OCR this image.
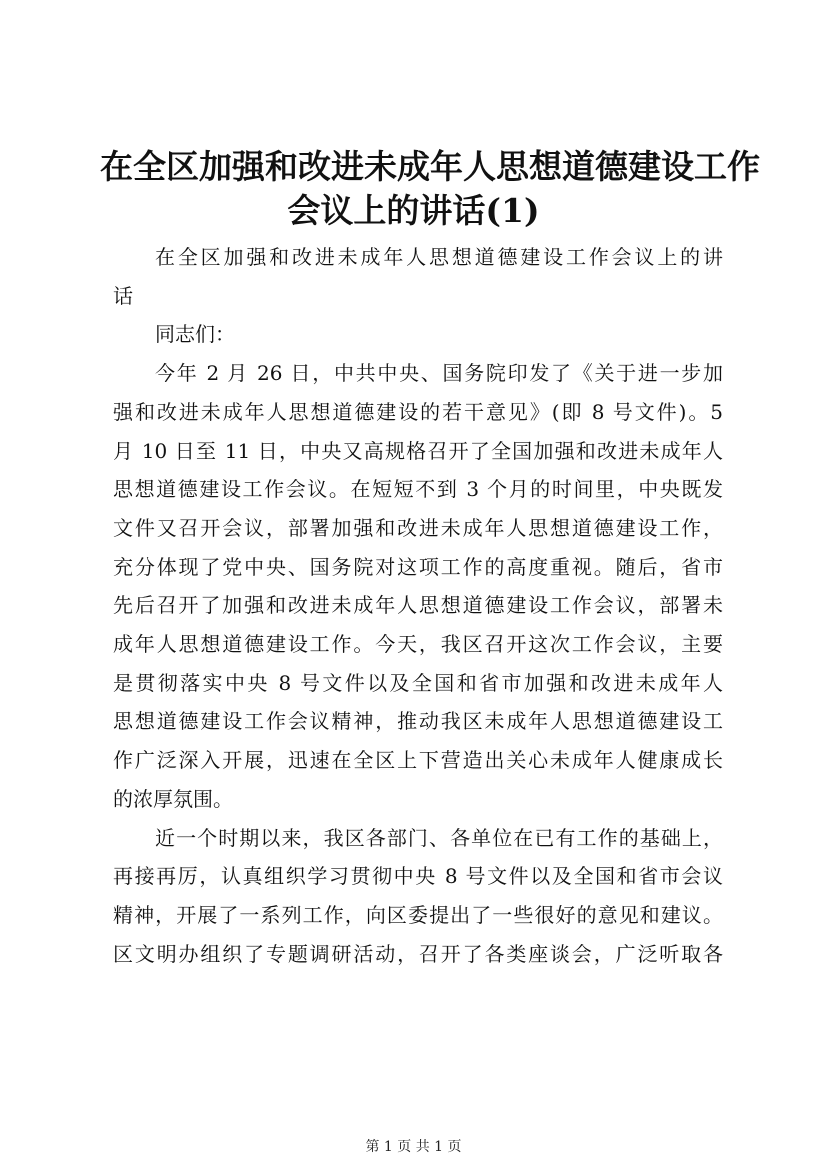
在全区加强和改进未成年人思想道德建设工作
会议上的讲话(1)
在全区加强和改进未成年人思想道德建设工作会议上的讲
话
同志们：
今年 2 月 26 日，中共中央、国务院印发了《关于进一步加
强和改进未成年人思想道德建设的若干意见》(即 8 号文件)。5
月 10 日至 11 日，中央又高规格召开了全国加强和改进未成年人
思想道德建设工作会议。在短短不到 3 个月的时间里，中央既发
文件又召开会议，部署加强和改进未成年人思想道德建设工作，
充分体现了党中央、国务院对这项工作的高度重视。随后，省市
先后召开了加强和改进未成年人思想道德建设工作会议，部署未
成年人思想道德建设工作。今天，我区召开这次工作会议，主要
是贯彻落实中央 8 号文件以及全国和省市加强和改进未成年人
思想道德建设工作会议精神，推动我区未成年人思想道德建设工
作广泛深入开展，迅速在全区上下营造出关心未成年人健康成长
的浓厚氛围。
近一个时期以来，我区各部门、各单位在已有工作的基础上，
再接再厉，认真组织学习贯彻中央 8 号文件以及全国和省市会议
精神，开展了一系列工作，向区委提出了一些很好的意见和建议。
区文明办组织了专题调研活动，召开了各类座谈会，广泛听取各
第 1 页 共 1 页
